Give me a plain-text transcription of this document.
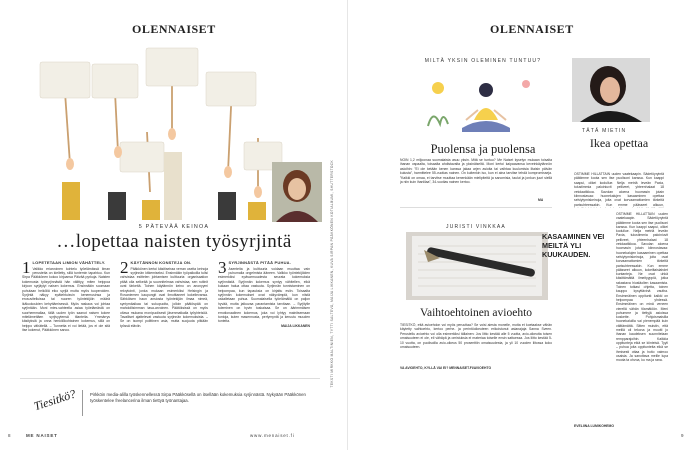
OLENNAISET
5 PÄTEVÄÄ KEINOA
…lopettaa naisten työsyrjintä
1 LOPETETAAN LIMIÖN VÄHÄTTELY.
Valikko eriarvoinen kohtelu työelämässä ilman perusteita on kielletty, sillä tuntemin tapahtuu. Kun Sirpa Pääkkönen kokoo kirjoansa Päivää pyrkuja. Naisten kokemusta työsyrjinnästä hän välittyy, miten heippoa kirjoon syrjäytyi naisen kokemus. Ensinnäkin soomaan puhutaan heiköliä eiko syrjiä mutta myös tuoperoiden. Syrjintä näkyy epätehtuisvin kenemusinsa ja erosuvitelluissa tai nuoren työntekijöin määrä ikäluokoukien kehyttämisessä. Myös raskaus voi johtaa syrjintään. Moni mies-vahteella asiaa työelämästä on suorhemmallaa, tällä uuden työn saanut naisen kokee mitelämettäen syrjivyytensä tilanteita. Ymmärrys käsityksiä ja onna henkilökohtainen kokemus, sillä on helppo vähätellä. – Tunnetta ei voi lietää, jos ei ole sitä itse kokenut, Pääkkönen sanoo.
2 KÄYTÄNNÖN KONSTEJA ON.
Pääkkönen kertoi käsitiseiraa verran useita keinoja syrjinnän kitkemiseksi. Ensinnäkin työpaikoilla tulisi vahvistaa esittelen johtamisen kulttuuria: organisaation pitää olla selkeää ja suunnitelmaa vahvistaa, sen rutiinit ovat tärkeitä. Toinen käytännön keino on anonyymi rekrytointi, jonka mukaan esimerkiksi Helsingin ja Rovaniemen kaupungit ovat ilmoittaneet kokeilevansa. Sähköisen haun ansiosta työntekijän ilmaa nimeä, syntymäaikaa tai sukupuolta, jolloin päätöspää on mahdollisimman tasa-arvoinen. Päätöksissä on myös oltava mukana monipuolisesti jäsenmatkalla työyhteisöä. Tavalliset ajattelevat vastuuta syrjinnän kokemuksista. – Se on isompi polittinen asia, mutta suojuuta pitkään työssä eläviin.
3 SYRJINNÄSTÄ PITÄÄ PUHUA.
Asenteita ja kulttuuria voidaan muuttaa vain puhumalla ongelmista ääneen. Valikko työntekijöiden esimerkiksi epävarmuudesta seurata kokemuksia syrjinnästä. Syrjinnän kokemus syntyy vähitellen, eikä kukaan halua ottaa vastuuta. Syrjinnän tunnistaminen on helpompaa, kun tapauksia on kirjattu esiin. Toisaalta syrjinnän kokemukset ovat näkyvämpiä, kun niistä uskalletaan puhua. Suomalaisella työelämällä on paljon hyvää, mutta jatkuvaa parantamista tarvitaan. – Syrjitylle tuleminen on hyvin tuskaisaa. Se on äärimmäisen emotionaalinen kokemus, joka voi lyhtyy mainitsemaan tuntoja, kuten masennusta, perfymyntä ja keruutu muuden tunteita.
MAIJA LIKKANEN
Tiesitkö?	Pirkköin media-alilla työskennellessä Sirpa Pääkkösellä on itsellään kokemuksia syrjinnästä. Nykyään Pääkkönen työskentelee freelancerina ilman tiettyä työnantajaa.
8	ME NAISET	www.menaiset.fi
TEKSTI MIRKKO MALTINIEN, TYTTI SALTEVÄ, MAIJA LIKKANEN, KUVA SIRPAN PÄÄKKÖNEN KOTIALBUMI, SHUTTERSTOCK
OLENNAISET
MILTÄ YKSIN OLEMINEN TUNTUU?
Puolensa ja puolensa
NOIN 1,2 miljoonaa suomalaista asuu yksin. Mitä se tuntuu? Me Naiset kyselyn mukaan toisalta ihanan vapaalta, toisaalta ahdistavalta ja yksinäiseltä. Moni kertoi kaipaavansa keveinkäytännön asioihin: ”Ei ole ketään kenen kanssa jakaa arjen asioita tai vaihtaa kuulumisia iltaisin päivän kulusta”, harmittelee 55-vuotias nainen. On kuitenkin iso, kun ei aina tarvitse tehdä kompromisseja. ”Kaikki on omaa, ei tarvitse muuttaa kenenkään mielipiteitä ja sanomisia, taulut ja jonkun juuri siellä ja niin kuin ihanlilaa”, 34-vuotias nainen kertoo.
MA
JURISTI VINKKAA
Vaihtoehtoinen avioehto
TIESITKÖ, että avioehdon voi myös peruuttaa? Se voisi aiesta monelle, mutta et koetaakse vähän käytetty vaihtoehto, kertoo perhe- ja perintöoikeuteen erikoistunut asianajaja Sanna Sveen. Perustellu avioehto voi olla esimerkiksi tällainen: Jos liitto kestää alle 5 vuotta, avio-oikeutta toisen omaisuuteen ei ole, eli vähäpä ja omistuksia ei materiaa toiselle ensin sattuessa. Jos liitto kestää 5-10 vuotta, on puolisoilla avio-oikeus 50 prosenttiin omaisuudesta, ja yli 10 vuoden liitossa koko omaisuuteen.
VA AVIOEHTO, KYLLÄ VAI EI? MENNAISET.FI/AVIOEHTO
TÄTÄ MIETIN
Ikea opettaa
OSTIMME HILLATTAIN uuden vaatekaapin. Sädetöyryintä päätimme koota sen itse puolisoni kanssa. Kun kaappi saapui, olikei kodullue. Nelja metriä leveän Paxia, tulustimmia paloiniuvit pelliveet, yhteenhalaat 18 vetolaatikkoa. Savolan aloena huomasin jotain kiinnostavaa: huonekalujen kasaaminen opettaa selviytymiskeinoja, joita ovat korvaamattomien tärkeitä parisuhteessakin. Kun emme päässeet alkuun,
KASAAMINEN VEI MEILTÄ YLI KUUKAUDEN.
OSTIMME HILLATTAIN uuden vaatekaapin. Sädetöyryintä päätimme koota sen itse puolisoni kanssa. Kun kaappi saapui, olikei kodullue. Nelja metriä leveän Paxia, tulustimmia paloiniuvit pelliveet, yhteenhalaat 18 vetolaatikkoa. Savolan aloena huomasin jotain kiinnostavaa: huonekalujen kasaaminen opettaa selviytymiskeinoja, joita ovat korvaamattomien tärkeitä parisuhteessakin. Kun emme päässeet alkuun, kokeiltaislahdet kuntanteja. Ne ovat uhkä käsittämättä ilmeityyppiä, jotka rakastava hiustäolien kasaamista. Toinen tutkasi ohjetta, toinen kauppo kysyttävinä vautha. Ensimmäinen oppitunti: kaikki on helpompaa yhdessä. Ensimmäinen on minä veneen vierellä vähän tilamätöön. Meni puhumme ja tiettyjä asioissa koskette. Pohjoismaisilla huonekaluilla vai pienempää kuin välttämättä. Sitten muistin, että meillä oli tekona ja muutti jo ihanan kaudeksen suunnitelaan rempparajoihin. Kaikkia oppitunteja eikä se kiinteisä. Tyyli – puhua joita oppitunteita eikä se ihmisesti ottaa ja hoito vaimoo osaisia. Ja sanottava meille lupa moota ta ohvoa, ku ma ja rana.
EVELIINA LUMIKOHEMO
9
